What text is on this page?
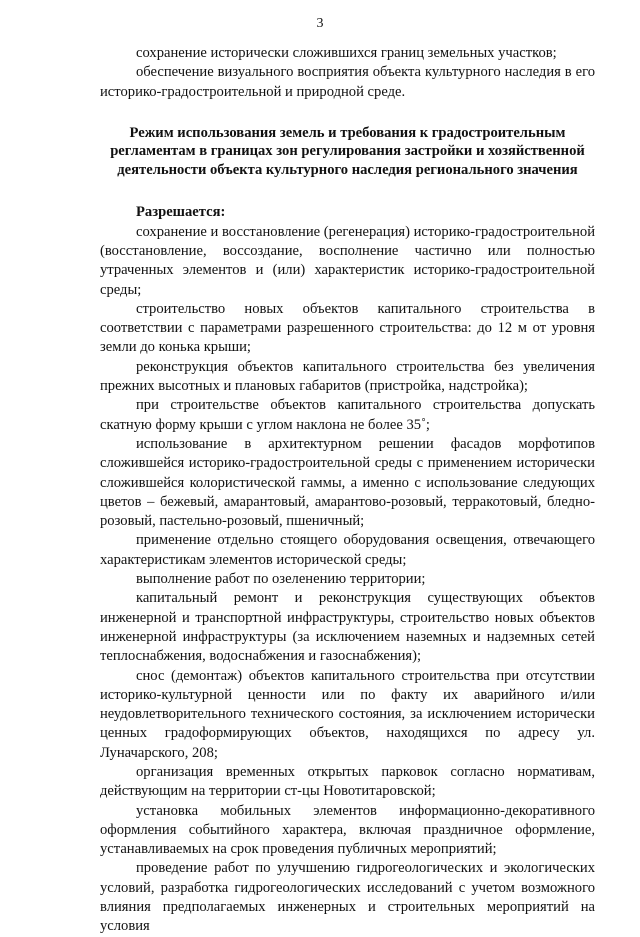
3

сохранение исторически сложившихся границ земельных участков;

обеспечение визуального восприятия объекта культурного наследия в его историко-градостроительной и природной среде.

Режим использования земель и требования к градостроительным регламентам в границах зон регулирования застройки и хозяйственной деятельности объекта культурного наследия регионального значения

Разрешается:

сохранение и восстановление (регенерация) историко-градостроительной (восстановление, воссоздание, восполнение частично или полностью утраченных элементов и (или) характеристик историко-градостроительной среды;

строительство новых объектов капитального строительства в соответствии с параметрами разрешенного строительства: до 12 м от уровня земли до конька крыши;

реконструкция объектов капитального строительства без увеличения прежних высотных и плановых габаритов (пристройка, надстройка);

при строительстве объектов капитального строительства допускать скатную форму крыши с углом наклона не более 35˚;

использование в архитектурном решении фасадов морфотипов сложившейся историко-градостроительной среды с применением исторически сложившейся колористической гаммы, а именно с использование следующих цветов – бежевый, амарантовый, амарантово-розовый, терракотовый, бледно-розовый, пастельно-розовый, пшеничный;

применение отдельно стоящего оборудования освещения, отвечающего характеристикам элементов исторической среды;

выполнение работ по озеленению территории;

капитальный ремонт и реконструкция существующих объектов инженерной и транспортной инфраструктуры, строительство новых объектов инженерной инфраструктуры (за исключением наземных и надземных сетей теплоснабжения, водоснабжения и газоснабжения);

снос (демонтаж) объектов капитального строительства при отсутствии историко-культурной ценности или по факту их аварийного и/или неудовлетворительного технического состояния, за исключением исторически ценных градоформирующих объектов, находящихся по адресу ул. Луначарского, 208;

организация временных открытых парковок согласно нормативам, действующим на территории ст-цы Новотитаровской;

установка мобильных элементов информационно-декоративного оформления событийного характера, включая праздничное оформление, устанавливаемых на срок проведения публичных мероприятий;

проведение работ по улучшению гидрогеологических и экологических условий, разработка гидрогеологических исследований с учетом возможного влияния предполагаемых инженерных и строительных мероприятий на условия
